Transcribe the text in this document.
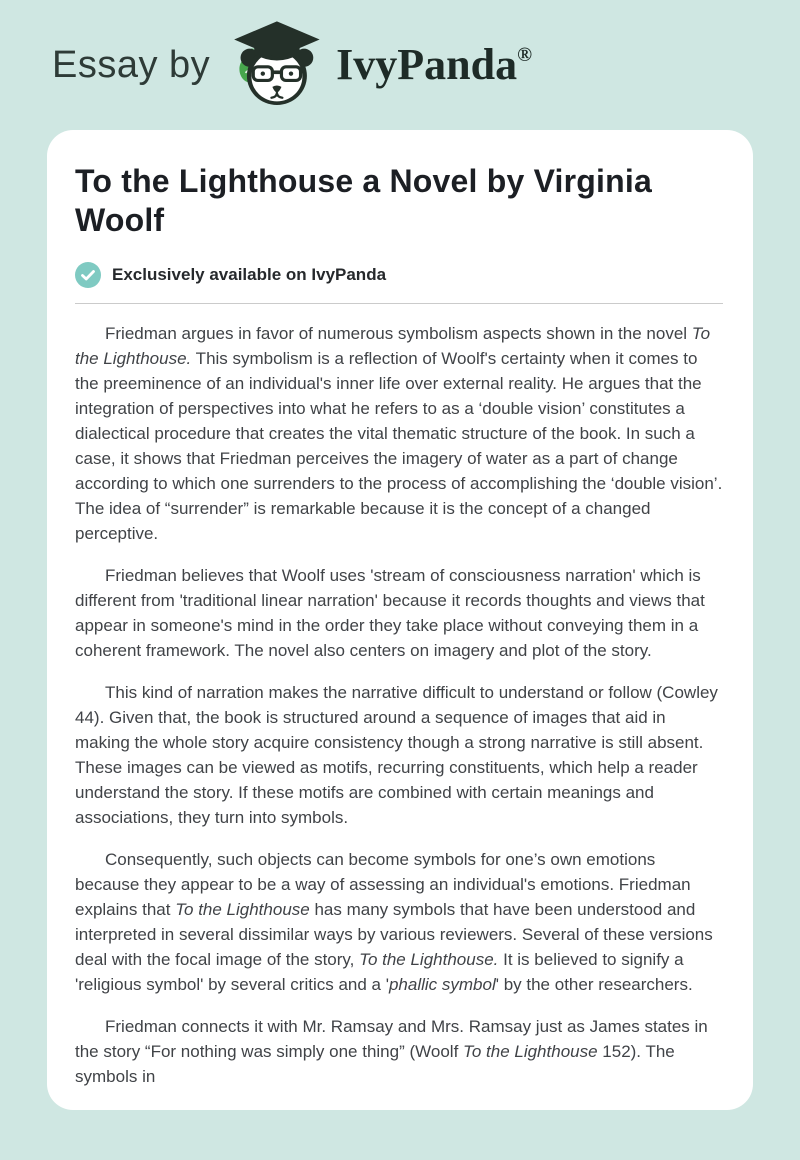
Essay by	IvyPanda®
To the Lighthouse a Novel by Virginia Woolf
Exclusively available on IvyPanda

Friedman argues in favor of numerous symbolism aspects shown in the novel To the Lighthouse. This symbolism is a reflection of Woolf's certainty when it comes to the preeminence of an individual's inner life over external reality. He argues that the integration of perspectives into what he refers to as a ‘double vision’ constitutes a dialectical procedure that creates the vital thematic structure of the book. In such a case, it shows that Friedman perceives the imagery of water as a part of change according to which one surrenders to the process of accomplishing the ‘double vision’. The idea of “surrender” is remarkable because it is the concept of a changed perceptive.

Friedman believes that Woolf uses 'stream of consciousness narration' which is different from 'traditional linear narration' because it records thoughts and views that appear in someone's mind in the order they take place without conveying them in a coherent framework. The novel also centers on imagery and plot of the story.

This kind of narration makes the narrative difficult to understand or follow (Cowley 44). Given that, the book is structured around a sequence of images that aid in making the whole story acquire consistency though a strong narrative is still absent. These images can be viewed as motifs, recurring constituents, which help a reader understand the story. If these motifs are combined with certain meanings and associations, they turn into symbols.

Consequently, such objects can become symbols for one’s own emotions because they appear to be a way of assessing an individual's emotions. Friedman explains that To the Lighthouse has many symbols that have been understood and interpreted in several dissimilar ways by various reviewers. Several of these versions deal with the focal image of the story, To the Lighthouse. It is believed to signify a 'religious symbol' by several critics and a 'phallic symbol' by the other researchers.

Friedman connects it with Mr. Ramsay and Mrs. Ramsay just as James states in the story “For nothing was simply one thing” (Woolf To the Lighthouse 152). The symbols in
